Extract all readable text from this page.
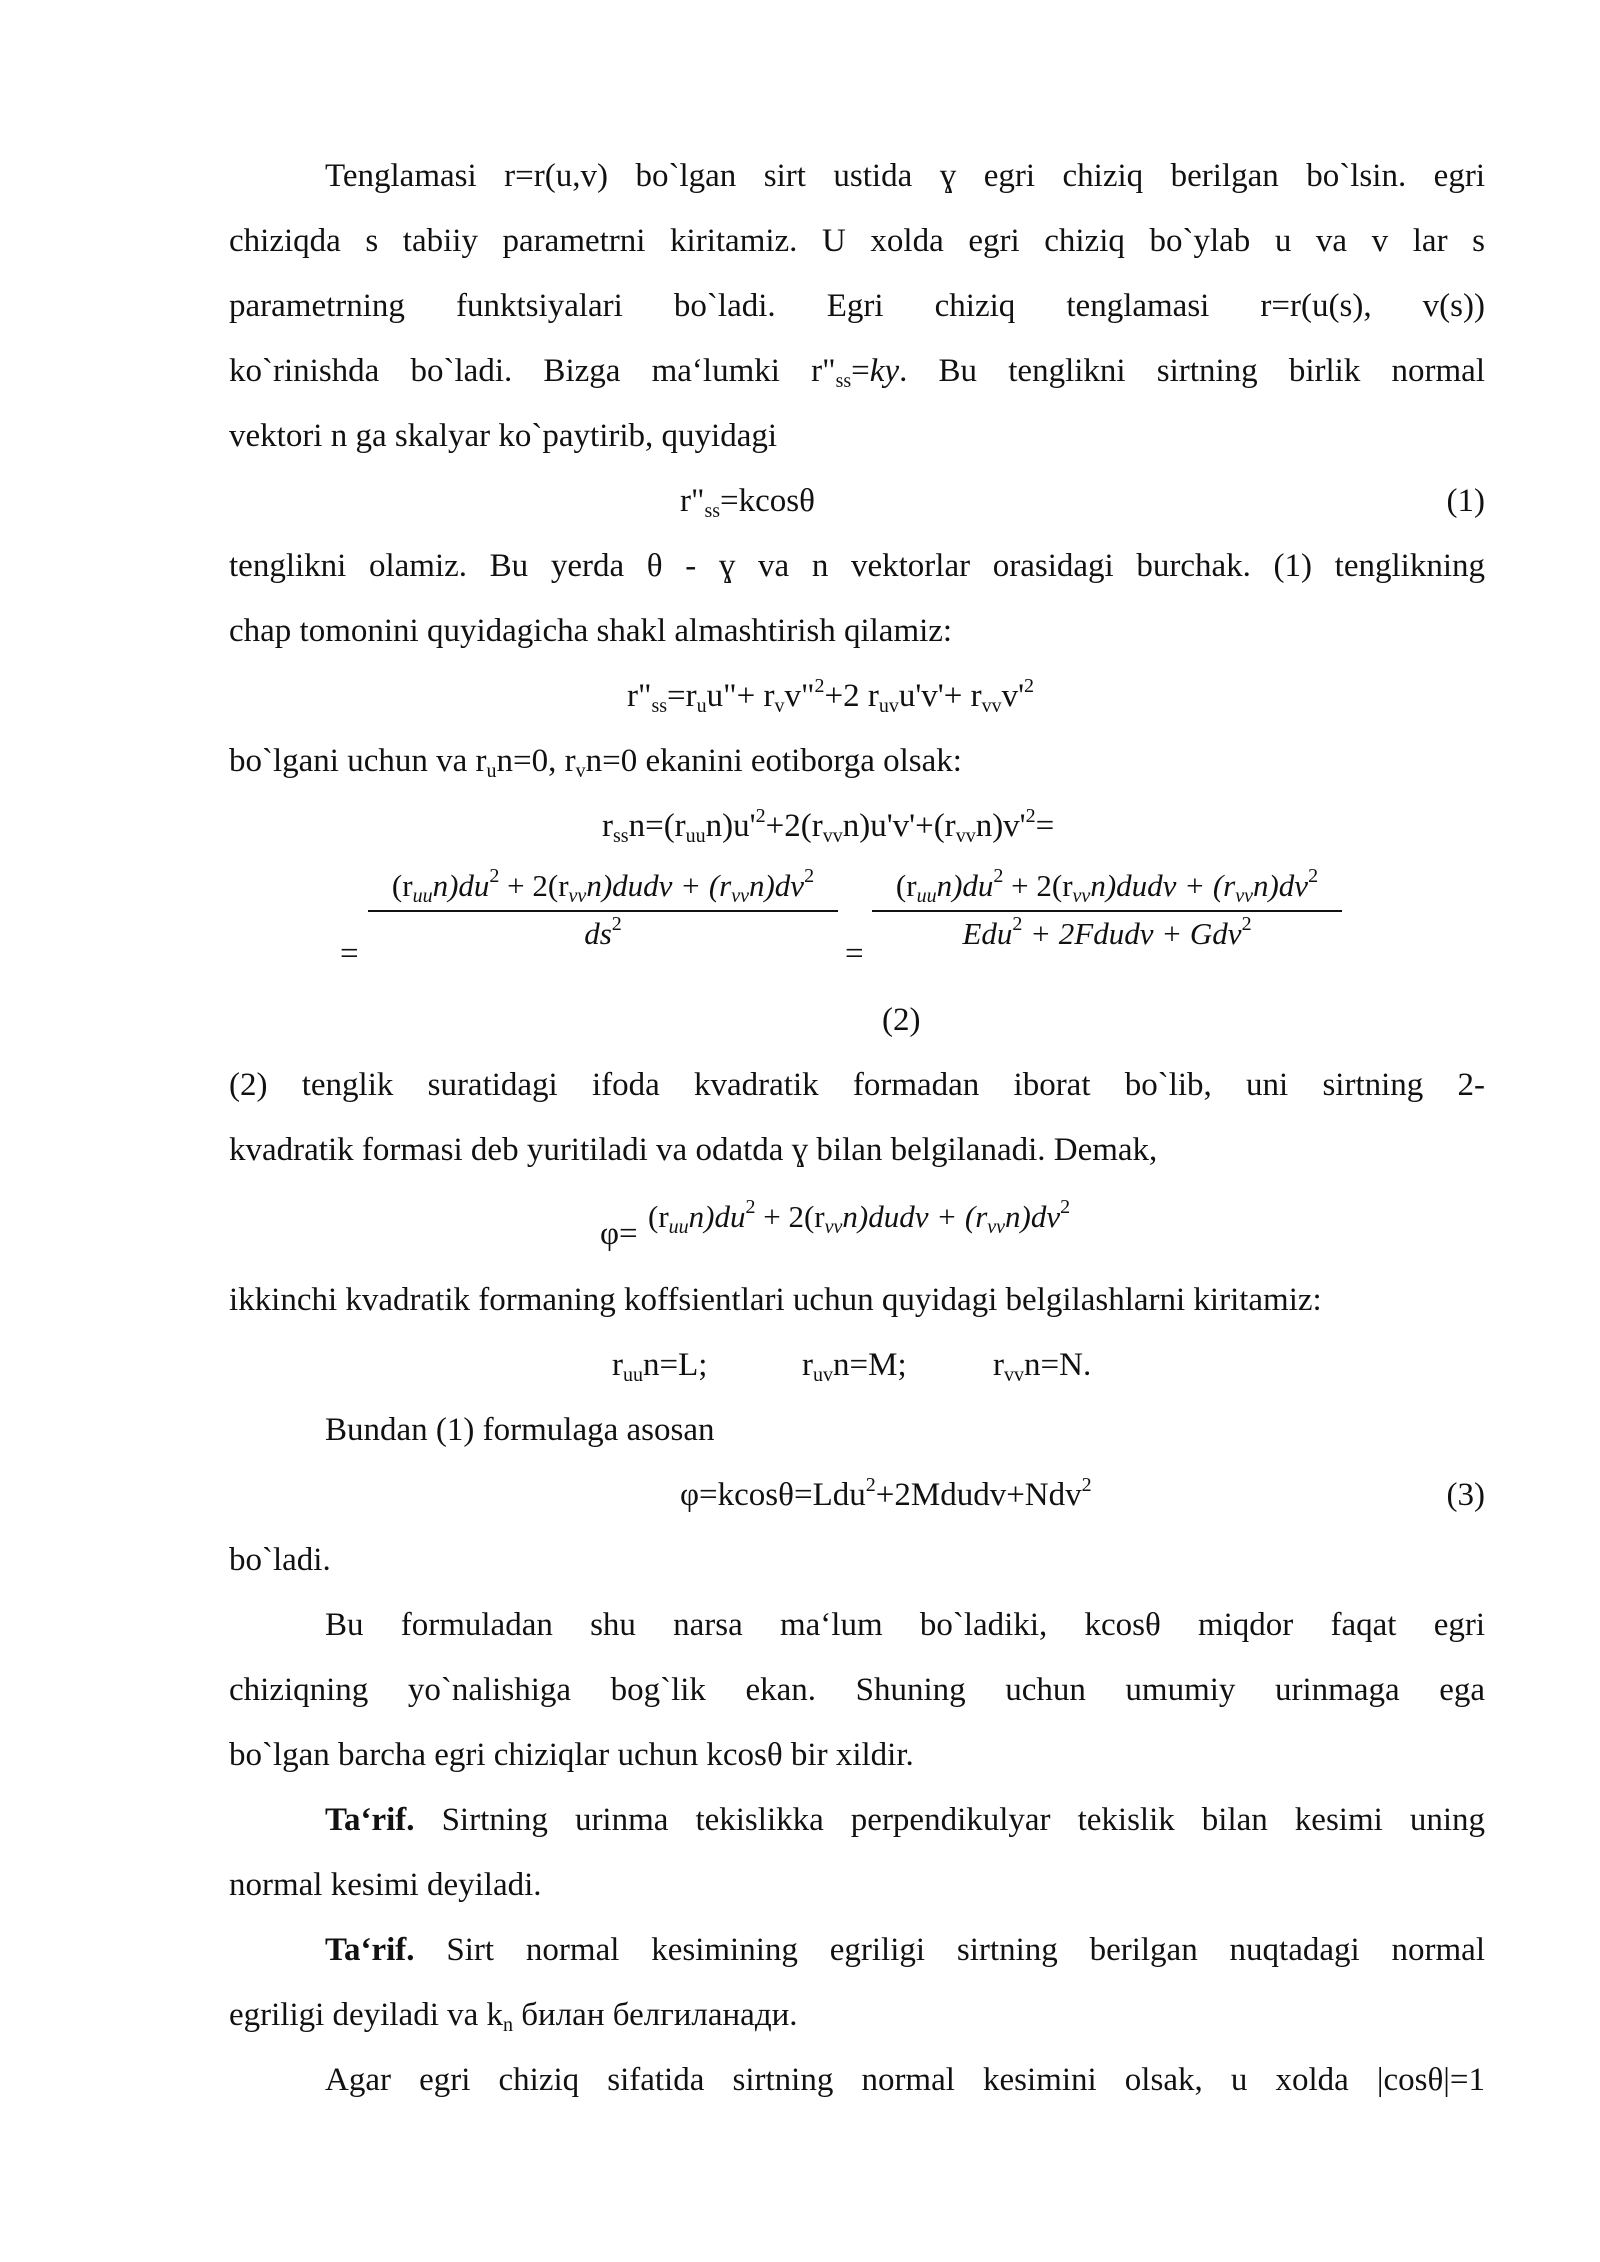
Tenglamasi r=r(u,v) bo`lgan sirt ustida ɣ egri chiziq berilgan bo`lsin. egri
chiziqda s tabiiy parametrni kiritamiz. U xolda egri chiziq bo`ylab u va v lar s
parametrning funktsiyalari bo`ladi. Egri chiziq tenglamasi r=r(u(s), v(s))
ko`rinishda bo`ladi. Bizga ma‘lumki $r"_{ss}=ky$. Bu tenglikni sirtning birlik normal
vektori n ga skalyar ko`paytirib, quyidagi
$r"_{ss}=kcos\theta$	(1)
tenglikni olamiz. Bu yerda θ - ɣ va n vektorlar orasidagi burchak. (1) tenglikning
chap tomonini quyidagicha shakl almashtirish qilamiz:
$r"_{ss}=r_uu"+$ $r_vv"^2+2$ $r_{uv}u'v'+ r_{vv}v'^2$
bo`lgani uchun va $r_un=0$, $r_vn=0$ ekanini eotiborga olsak:
$r_{ss}n=(r_{uu}n)u'^2+2(r_{vv}n)u'v'+(r_{vv}n)v'^2=$
=
$(r_{uu}n)du^2$ + $2(r_{vv}n)dudv + (r_{vv}n)dv^2$
$ds^2$
=
$(r_{uu}n)du^2$ + $2(r_{vv}n)dudv + (r_{vv}n)dv^2$
Edu$^2$ + 2Fdudv + Gdv$^2$
(2)
(2) tenglik suratidagi ifoda kvadratik formadan iborat bo`lib, uni sirtning 2-
kvadratik formasi deb yuritiladi va odatda ɣ bilan belgilanadi. Demak,
$\varphi= (r_{uu}n)du^2$ + $2(r_{vv}n)dudv + (r_{vv}n)dv^2$
ikkinchi kvadratik formaning koffsientlari uchun quyidagi belgilashlarni kiritamiz:
$r_{uu}n=L$;	$r_{uv}n=M$;	$r_{vv}n=N$.
Bundan (1) formulaga asosan
φ=kcosθ=Ldu$^2$+2Mdudv+Ndv$^2$	(3)
bo`ladi.
Bu formuladan shu narsa ma‘lum bo`ladiki, kcosθ miqdor faqat egri
chiziqning yo`nalishiga bog`lik ekan. Shuning uchun umumiy urinmaga ega
bo`lgan barcha egri chiziqlar uchun kcosθ bir xildir.
Ta‘rif. Sirtning urinma tekislikka perpendikulyar tekislik bilan kesimi uning
normal kesimi deyiladi.
Ta‘rif. Sirt normal kesimining egriligi sirtning berilgan nuqtadagi normal
egriligi deyiladi va $k_n$ билан белгиланади.
Agar egri chiziq sifatida sirtning normal kesimini olsak, u xolda |cosθ|=1
